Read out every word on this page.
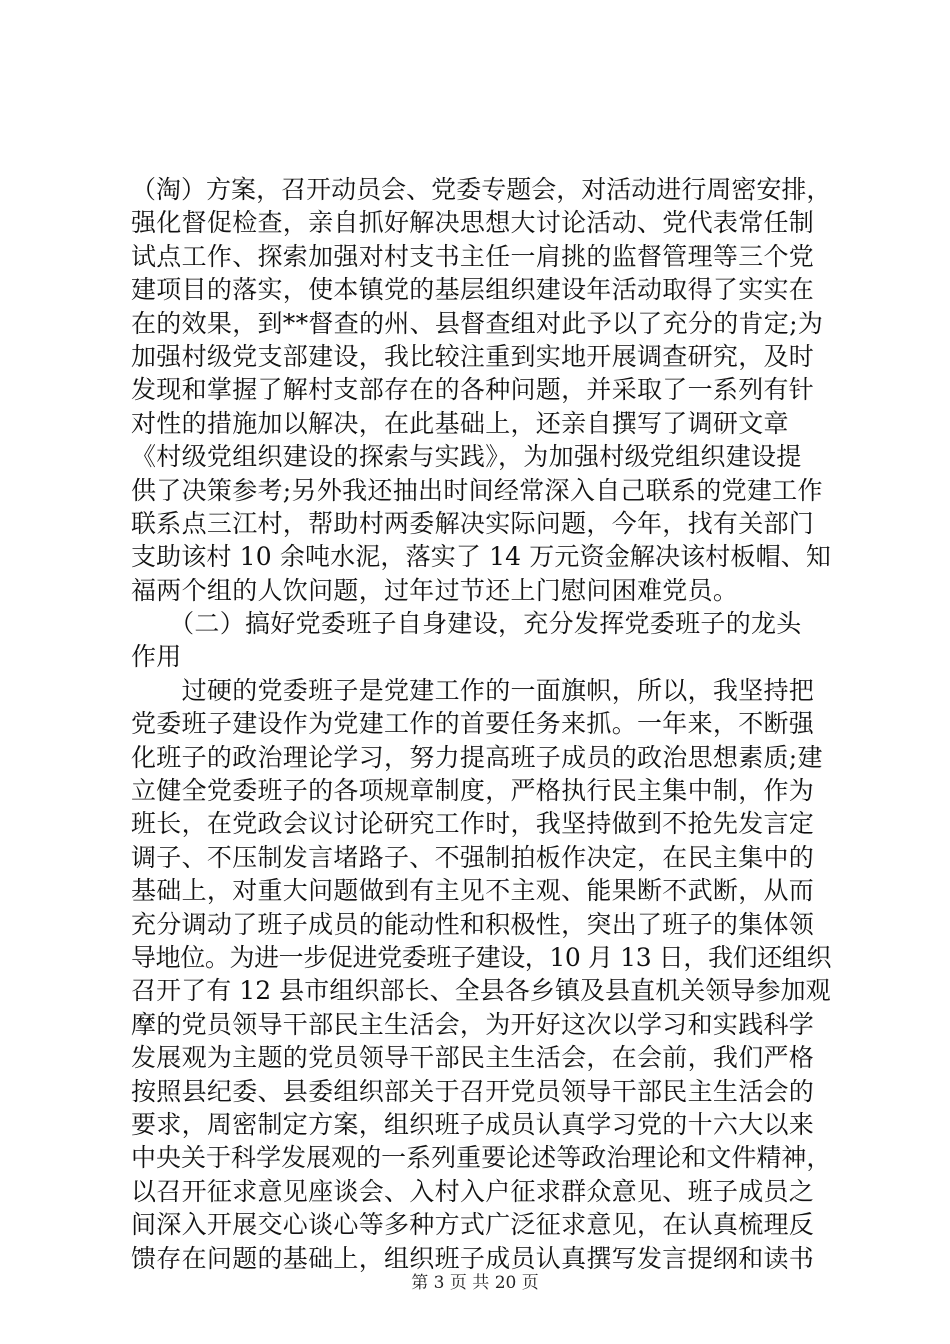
（淘）方案，召开动员会、党委专题会，对活动进行周密安排，
强化督促检查，亲自抓好解决思想大讨论活动、党代表常任制
试点工作、探索加强对村支书主任一肩挑的监督管理等三个党
建项目的落实，使本镇党的基层组织建设年活动取得了实实在
在的效果，到**督查的州、县督查组对此予以了充分的肯定;为
加强村级党支部建设，我比较注重到实地开展调查研究，及时
发现和掌握了解村支部存在的各种问题，并采取了一系列有针
对性的措施加以解决，在此基础上，还亲自撰写了调研文章
《村级党组织建设的探索与实践》，为加强村级党组织建设提
供了决策参考;另外我还抽出时间经常深入自己联系的党建工作
联系点三江村，帮助村两委解决实际问题，今年，找有关部门
支助该村 10 余吨水泥，落实了 14 万元资金解决该村板帽、知
福两个组的人饮问题，过年过节还上门慰问困难党员。
　　（二）搞好党委班子自身建设，充分发挥党委班子的龙头
作用
　　过硬的党委班子是党建工作的一面旗帜，所以，我坚持把
党委班子建设作为党建工作的首要任务来抓。一年来，不断强
化班子的政治理论学习，努力提高班子成员的政治思想素质;建
立健全党委班子的各项规章制度，严格执行民主集中制，作为
班长，在党政会议讨论研究工作时，我坚持做到不抢先发言定
调子、不压制发言堵路子、不强制拍板作决定，在民主集中的
基础上，对重大问题做到有主见不主观、能果断不武断，从而
充分调动了班子成员的能动性和积极性，突出了班子的集体领
导地位。为进一步促进党委班子建设，10 月 13 日，我们还组织
召开了有 12 县市组织部长、全县各乡镇及县直机关领导参加观
摩的党员领导干部民主生活会，为开好这次以学习和实践科学
发展观为主题的党员领导干部民主生活会，在会前，我们严格
按照县纪委、县委组织部关于召开党员领导干部民主生活会的
要求，周密制定方案，组织班子成员认真学习党的十六大以来
中央关于科学发展观的一系列重要论述等政治理论和文件精神，
以召开征求意见座谈会、入村入户征求群众意见、班子成员之
间深入开展交心谈心等多种方式广泛征求意见，在认真梳理反
馈存在问题的基础上，组织班子成员认真撰写发言提纲和读书
第 3 页 共 20 页
